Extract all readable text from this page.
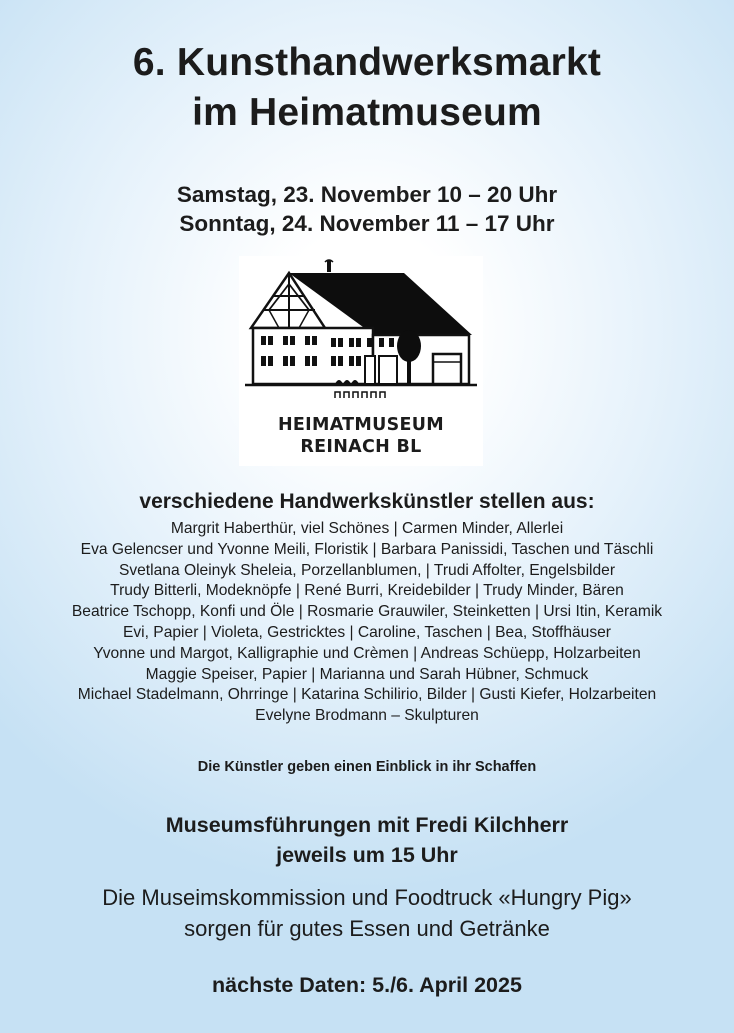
6. Kunsthandwerksmarkt
im Heimatmuseum
Samstag, 23. November 10 – 20 Uhr
Sonntag, 24. November 11 – 17 Uhr
HEIMATMUSEUM
REINACH BL
verschiedene Handwerkskünstler stellen aus:
Margrit Haberthür, viel Schönes | Carmen Minder, Allerlei
Eva Gelencser und Yvonne Meili, Floristik | Barbara Panissidi, Taschen und Täschli
Svetlana Oleinyk Sheleia, Porzellanblumen, | Trudi Affolter, Engelsbilder
Trudy Bitterli, Modeknöpfe | René Burri, Kreidebilder | Trudy Minder, Bären
Beatrice Tschopp, Konfi und Öle | Rosmarie Grauwiler, Steinketten | Ursi Itin, Keramik
Evi, Papier | Violeta, Gestricktes | Caroline, Taschen | Bea, Stoffhäuser
Yvonne und Margot, Kalligraphie und Crèmen | Andreas Schüepp, Holzarbeiten
Maggie Speiser, Papier | Marianna und Sarah Hübner, Schmuck
Michael Stadelmann, Ohrringe | Katarina Schilirio, Bilder | Gusti Kiefer, Holzarbeiten
Evelyne Brodmann – Skulpturen
Die Künstler geben einen Einblick in ihr Schaffen
Museumsführungen mit Fredi Kilchherr
jeweils um 15 Uhr
Die Museimskommission und Foodtruck «Hungry Pig»
sorgen für gutes Essen und Getränke
nächste Daten: 5./6. April 2025
